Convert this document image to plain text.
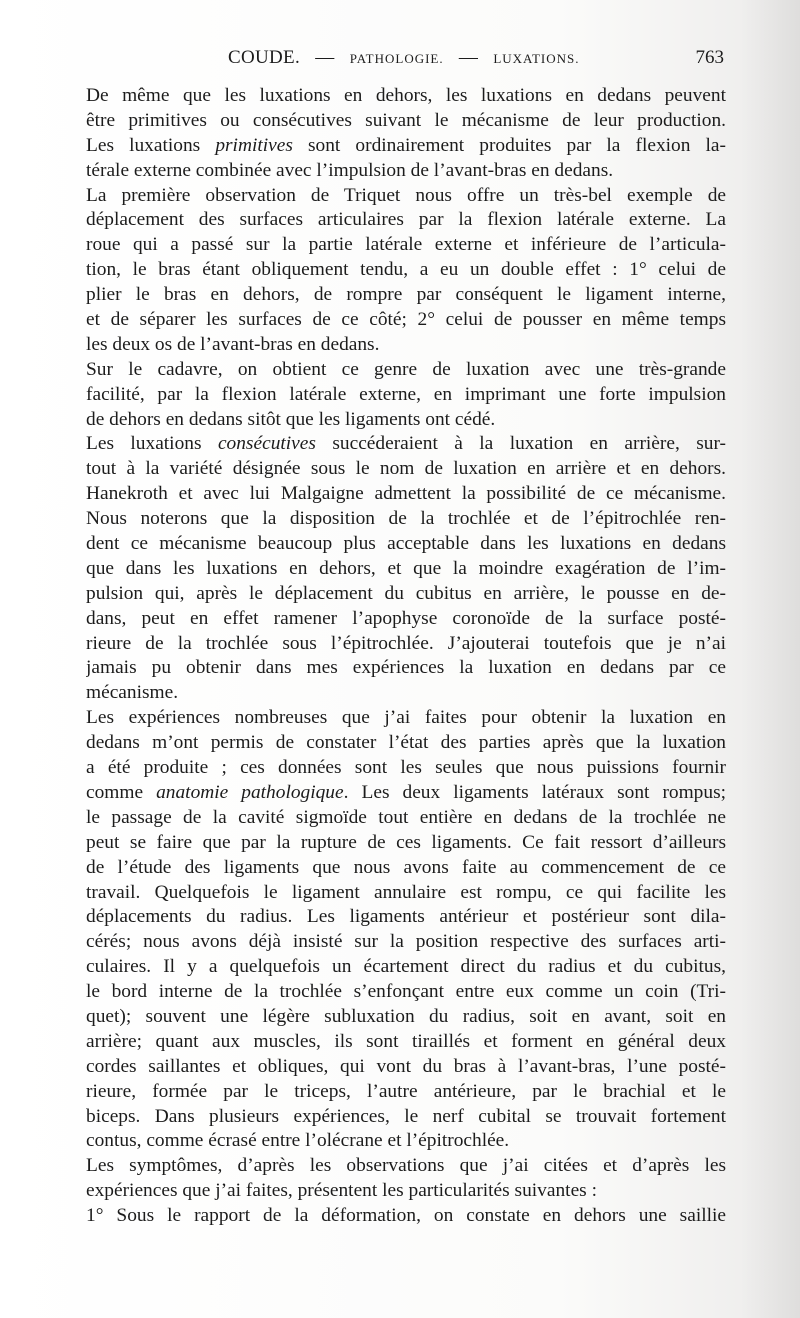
COUDE. — PATHOLOGIE. — LUXATIONS.	763
De même que les luxations en dehors, les luxations en dedans peuvent
être primitives ou consécutives suivant le mécanisme de leur production.
Les luxations primitives sont ordinairement produites par la flexion la-
térale externe combinée avec l’impulsion de l’avant-bras en dedans.
La première observation de Triquet nous offre un très-bel exemple de
déplacement des surfaces articulaires par la flexion latérale externe. La
roue qui a passé sur la partie latérale externe et inférieure de l’articula-
tion, le bras étant obliquement tendu, a eu un double effet : 1° celui de
plier le bras en dehors, de rompre par conséquent le ligament interne,
et de séparer les surfaces de ce côté; 2° celui de pousser en même temps
les deux os de l’avant-bras en dedans.
Sur le cadavre, on obtient ce genre de luxation avec une très-grande
facilité, par la flexion latérale externe, en imprimant une forte impulsion
de dehors en dedans sitôt que les ligaments ont cédé.
Les luxations consécutives succéderaient à la luxation en arrière, sur-
tout à la variété désignée sous le nom de luxation en arrière et en dehors.
Hanekroth et avec lui Malgaigne admettent la possibilité de ce mécanisme.
Nous noterons que la disposition de la trochlée et de l’épitrochlée ren-
dent ce mécanisme beaucoup plus acceptable dans les luxations en dedans
que dans les luxations en dehors, et que la moindre exagération de l’im-
pulsion qui, après le déplacement du cubitus en arrière, le pousse en de-
dans, peut en effet ramener l’apophyse coronoïde de la surface posté-
rieure de la trochlée sous l’épitrochlée. J’ajouterai toutefois que je n’ai
jamais pu obtenir dans mes expériences la luxation en dedans par ce
mécanisme.
Les expériences nombreuses que j’ai faites pour obtenir la luxation en
dedans m’ont permis de constater l’état des parties après que la luxation
a été produite ; ces données sont les seules que nous puissions fournir
comme anatomie pathologique. Les deux ligaments latéraux sont rompus;
le passage de la cavité sigmoïde tout entière en dedans de la trochlée ne
peut se faire que par la rupture de ces ligaments. Ce fait ressort d’ailleurs
de l’étude des ligaments que nous avons faite au commencement de ce
travail. Quelquefois le ligament annulaire est rompu, ce qui facilite les
déplacements du radius. Les ligaments antérieur et postérieur sont dila-
cérés; nous avons déjà insisté sur la position respective des surfaces arti-
culaires. Il y a quelquefois un écartement direct du radius et du cubitus,
le bord interne de la trochlée s’enfonçant entre eux comme un coin (Tri-
quet); souvent une légère subluxation du radius, soit en avant, soit en
arrière; quant aux muscles, ils sont tiraillés et forment en général deux
cordes saillantes et obliques, qui vont du bras à l’avant-bras, l’une posté-
rieure, formée par le triceps, l’autre antérieure, par le brachial et le
biceps. Dans plusieurs expériences, le nerf cubital se trouvait fortement
contus, comme écrasé entre l’olécrane et l’épitrochlée.
Les symptômes, d’après les observations que j’ai citées et d’après les
expériences que j’ai faites, présentent les particularités suivantes :
1° Sous le rapport de la déformation, on constate en dehors une saillie
